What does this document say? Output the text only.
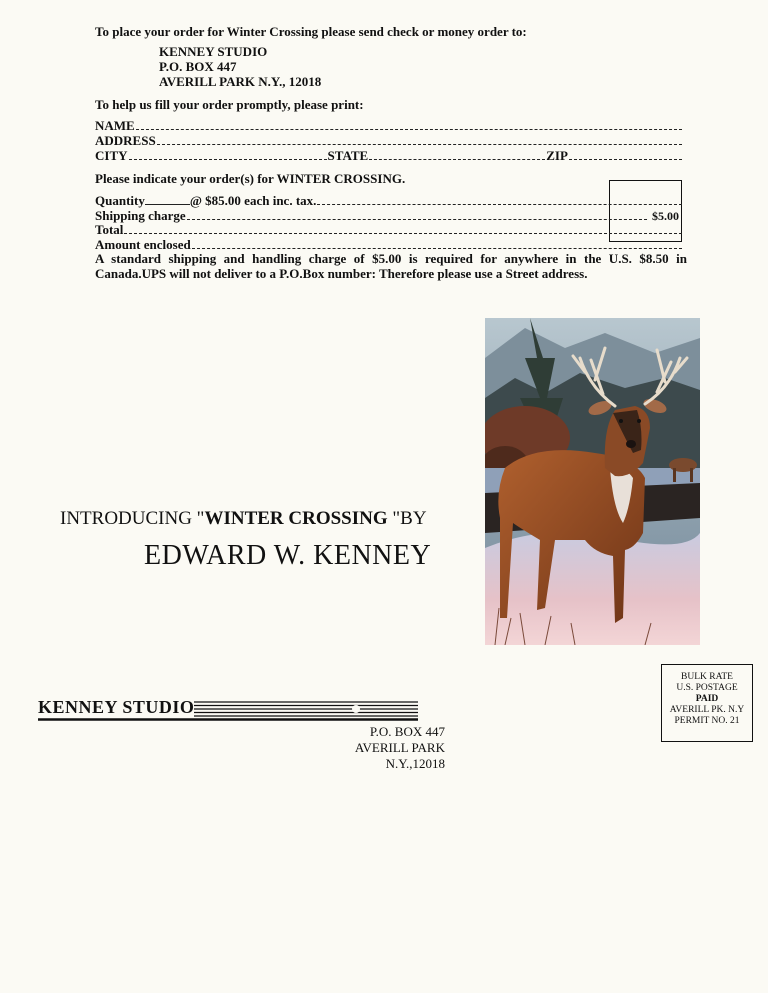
To place your order for Winter Crossing please send check or money order to:
KENNEY STUDIO
P.O. BOX 447
AVERILL PARK N.Y., 12018
To help us fill your order promptly, please print:
NAME
ADDRESS
CITY	STATE	ZIP
Please indicate your order(s) for WINTER CROSSING.
Quantity	@ $85.00 each inc. tax.
Shipping charge	$5.00
Total
Amount enclosed
A standard shipping and handling charge of $5.00 is required for anywhere in the U.S. $8.50 in
Canada.UPS will not deliver to a P.O.Box number: Therefore please use a Street address.
INTRODUCING "WINTER CROSSING "BY
EDWARD W. KENNEY
BULK RATE
U.S. POSTAGE
PAID
AVERILL PK. N.Y
PERMIT NO. 21
KENNEY STUDIO
P.O. BOX 447
AVERILL PARK N.Y.,12018
